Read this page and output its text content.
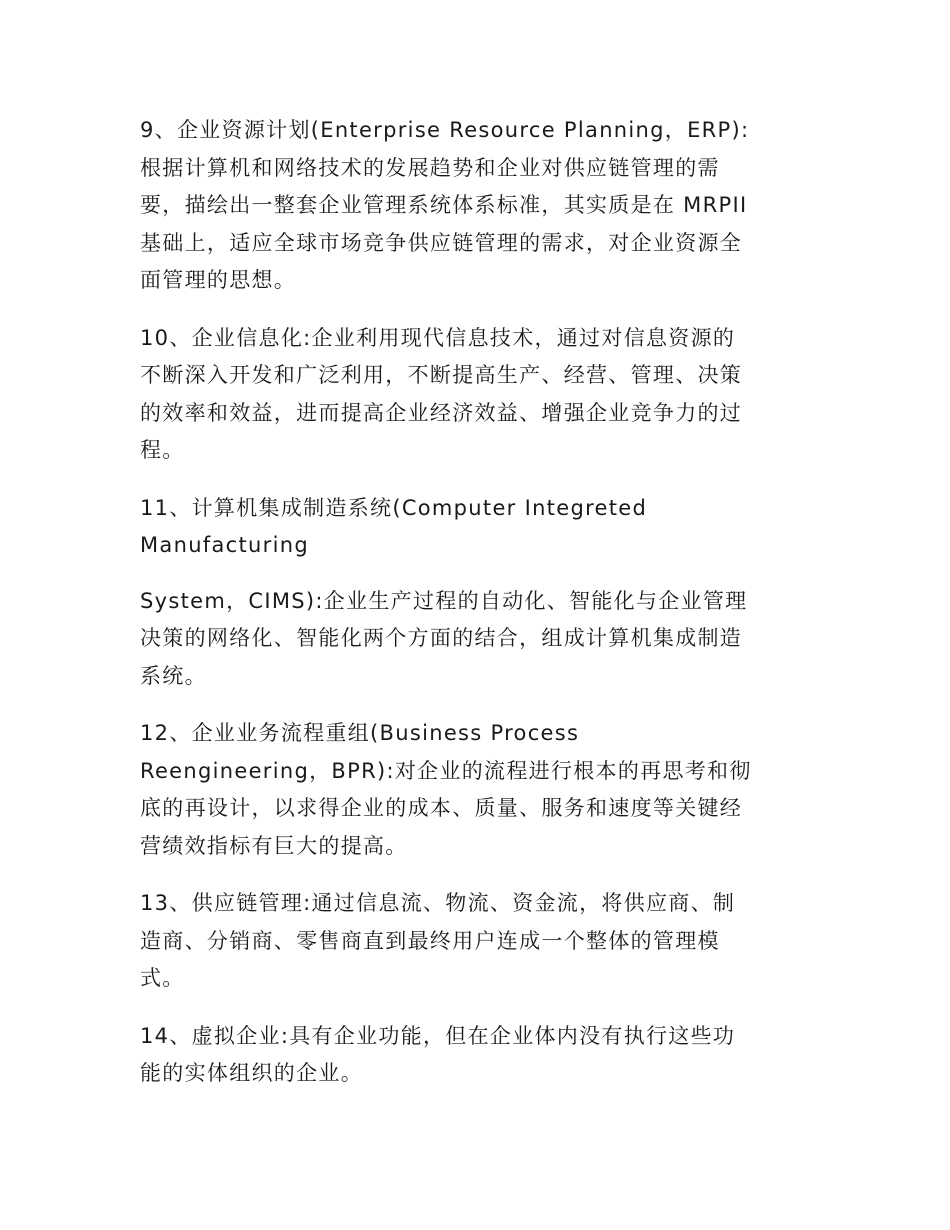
9、企业资源计划(Enterprise Resource Planning，ERP):
根据计算机和网络技术的发展趋势和企业对供应链管理的需
要，描绘出一整套企业管理系统体系标准，其实质是在 MRPII
基础上，适应全球市场竞争供应链管理的需求，对企业资源全
面管理的思想。

10、企业信息化:企业利用现代信息技术，通过对信息资源的
不断深入开发和广泛利用，不断提高生产、经营、管理、决策
的效率和效益，进而提高企业经济效益、增强企业竞争力的过
程。

11、计算机集成制造系统(Computer Integreted
Manufacturing

System，CIMS):企业生产过程的自动化、智能化与企业管理
决策的网络化、智能化两个方面的结合，组成计算机集成制造
系统。

12、企业业务流程重组(Business Process
Reengineering，BPR):对企业的流程进行根本的再思考和彻
底的再设计，以求得企业的成本、质量、服务和速度等关键经
营绩效指标有巨大的提高。

13、供应链管理:通过信息流、物流、资金流，将供应商、制
造商、分销商、零售商直到最终用户连成一个整体的管理模
式。

14、虚拟企业:具有企业功能，但在企业体内没有执行这些功
能的实体组织的企业。
